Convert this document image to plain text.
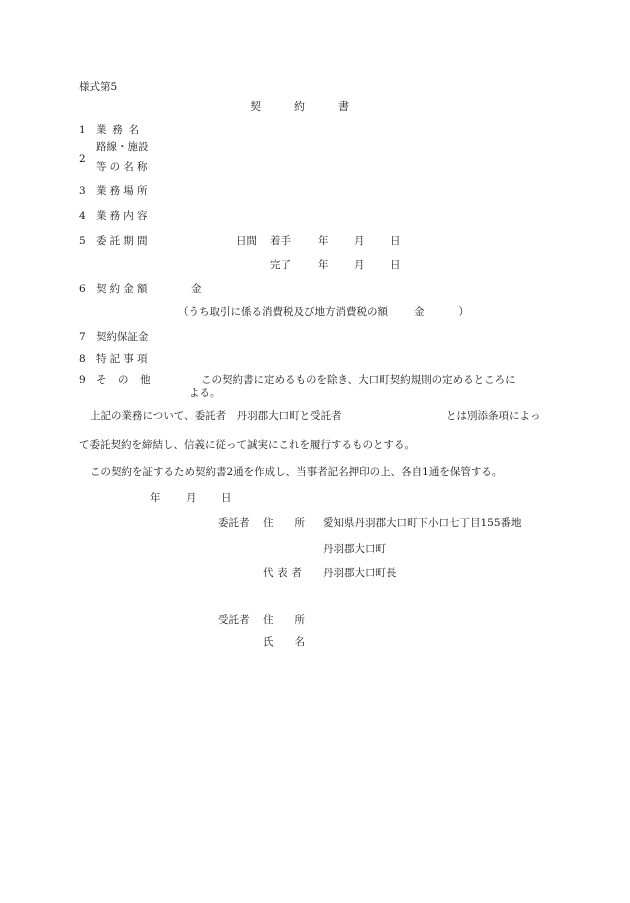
様式第5
契　　　約　　　書
1 業務名
2
路線・施設
等の名称
3 業務場所
4 業務内容
5 委託期間	日間 着手	年 月 日
完了	年 月 日
6 契約金額	金
（うち取引に係る消費税及び地方消費税の額 金	）
7 契約保証金
8 特記事項
9 その他	この契約書に定めるものを除き、大口町契約規則の定めるところに
よる。
上記の業務について、委託者　丹羽郡大口町と受託者	とは別添条項によっ
て委託契約を締結し、信義に従って誠実にこれを履行するものとする。
この契約を証するため契約書2通を作成し、当事者記名押印の上、各自1通を保管する。
年 月 日
委託者 住　　所 愛知県丹羽郡大口町下小口七丁目155番地
丹羽郡大口町
代表者 丹羽郡大口町長
受託者 住　　所
氏　　名
